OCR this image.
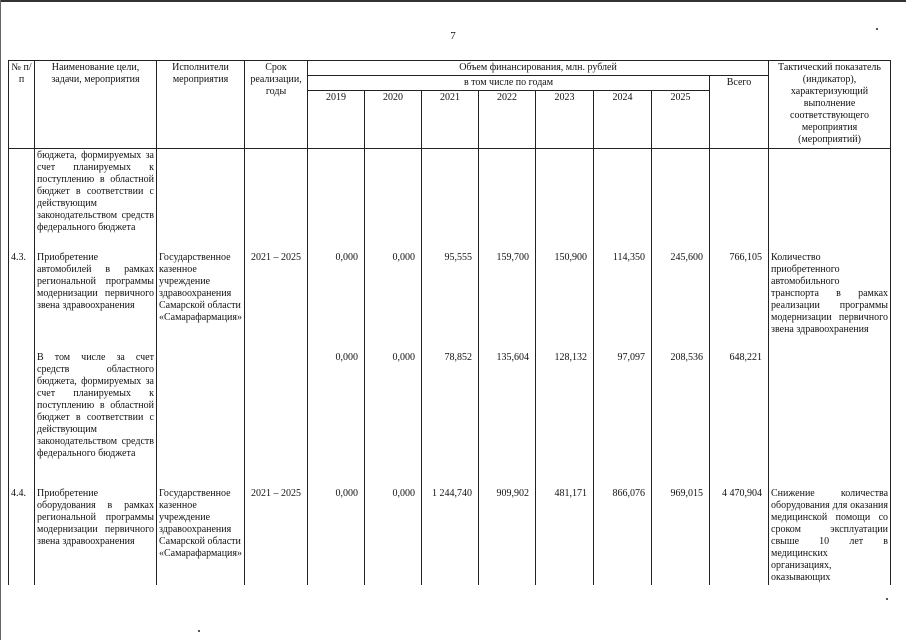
7
№ п/п	Наименование цели, задачи, мероприятия	Исполнители мероприятия	Срок реализации, годы	Объем финансирования, млн. рублей								Тактический показатель (индикатор), характеризующий выполнение соответствующего мероприятия (мероприятий)
				в том числе по годам							Всего	
				2019	2020	2021	2022	2023	2024	2025		
	бюджета, формируемых за счет планируемых к поступлению в областной бюджет в соответствии с действующим законодательством средств федерального бюджета											
4.3.	Приобретение автомобилей в рамках региональной программы модернизации первичного звена здравоохранения	Государственное казенное учреждение здравоохранения Самарской области «Самарафармация»	2021 – 2025	0,000	0,000	95,555	159,700	150,900	114,350	245,600	766,105	Количество приобретенного автомобильного транспорта в рамках реализации программы модернизации первичного звена здравоохранения
	В том числе за счет средств областного бюджета, формируемых за счет планируемых к поступлению в областной бюджет в соответствии с действующим законодательством средств федерального бюджета			0,000	0,000	78,852	135,604	128,132	97,097	208,536	648,221	
4.4.	Приобретение оборудования в рамках региональной программы модернизации первичного звена здравоохранения	Государственное казенное учреждение здравоохранения Самарской области «Самарафармация»	2021 – 2025	0,000	0,000	1 244,740	909,902	481,171	866,076	969,015	4 470,904	Снижение количества оборудования для оказания медицинской помощи со сроком эксплуатации свыше 10 лет в медицинских организациях, оказывающих
